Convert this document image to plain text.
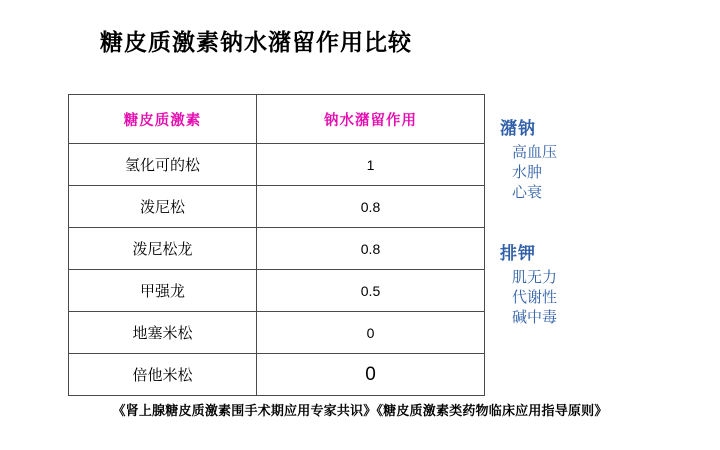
糖皮质激素钠水潴留作用比较
糖皮质激素	钠水潴留作用
氢化可的松	1
泼尼松	0.8
泼尼松龙	0.8
甲强龙	0.5
地塞米松	0
倍他米松	0
潴钠
高血压
水肿
心衰
排钾
肌无力
代谢性
碱中毒
《肾上腺糖皮质激素围手术期应用专家共识》《糖皮质激素类药物临床应用指导原则》
